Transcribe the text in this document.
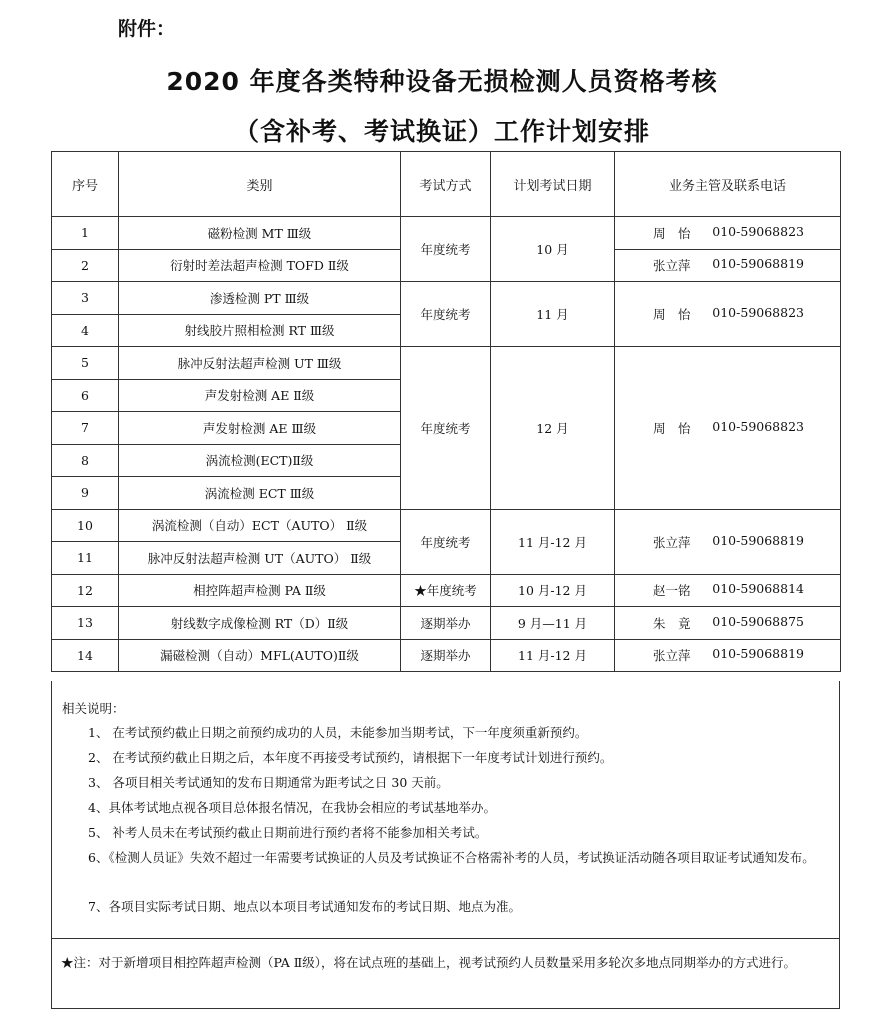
附件：
2020 年度各类特种设备无损检测人员资格考核
（含补考、考试换证）工作计划安排
序号	类别	考试方式	计划考试日期	业务主管及联系电话
1	磁粉检测 MT Ⅲ级	年度统考	10 月	周　怡 010-59068823

2	衍射时差法超声检测 TOFD Ⅱ级			张立萍 010-59068819

3	渗透检测 PT Ⅲ级	年度统考	11 月	周　怡 010-59068823

4	射线胶片照相检测 RT Ⅲ级			
5	脉冲反射法超声检测 UT Ⅲ级	年度统考	12 月	周　怡 010-59068823

6	声发射检测 AE Ⅱ级			
7	声发射检测 AE Ⅲ级			
8	涡流检测(ECT)Ⅱ级			
9	涡流检测 ECT Ⅲ级			
10	涡流检测（自动）ECT（AUTO） Ⅱ级	年度统考	11 月-12 月	张立萍 010-59068819

11	脉冲反射法超声检测 UT（AUTO） Ⅱ级			
12	相控阵超声检测 PA Ⅱ级	★年度统考	10 月-12 月	赵一铭 010-59068814

13	射线数字成像检测 RT（D）Ⅱ级	逐期举办	9 月—11 月	朱　竟 010-59068875

14	漏磁检测（自动）MFL(AUTO)Ⅱ级	逐期举办	11 月-12 月	张立萍 010-59068819
相关说明：
1、 在考试预约截止日期之前预约成功的人员，未能参加当期考试，下一年度须重新预约。
2、 在考试预约截止日期之后，本年度不再接受考试预约，请根据下一年度考试计划进行预约。
3、 各项目相关考试通知的发布日期通常为距考试之日 30 天前。
4、具体考试地点视各项目总体报名情况，在我协会相应的考试基地举办。
5、 补考人员未在考试预约截止日期前进行预约者将不能参加相关考试。
6、《检测人员证》失效不超过一年需要考试换证的人员及考试换证不合格需补考的人员，考试换证活动随各项目取证考试通知发布。
7、各项目实际考试日期、地点以本项目考试通知发布的考试日期、地点为准。
★注：对于新增项目相控阵超声检测（PA Ⅱ级），将在试点班的基础上，视考试预约人员数量采用多轮次多地点同期举办的方式进行。
